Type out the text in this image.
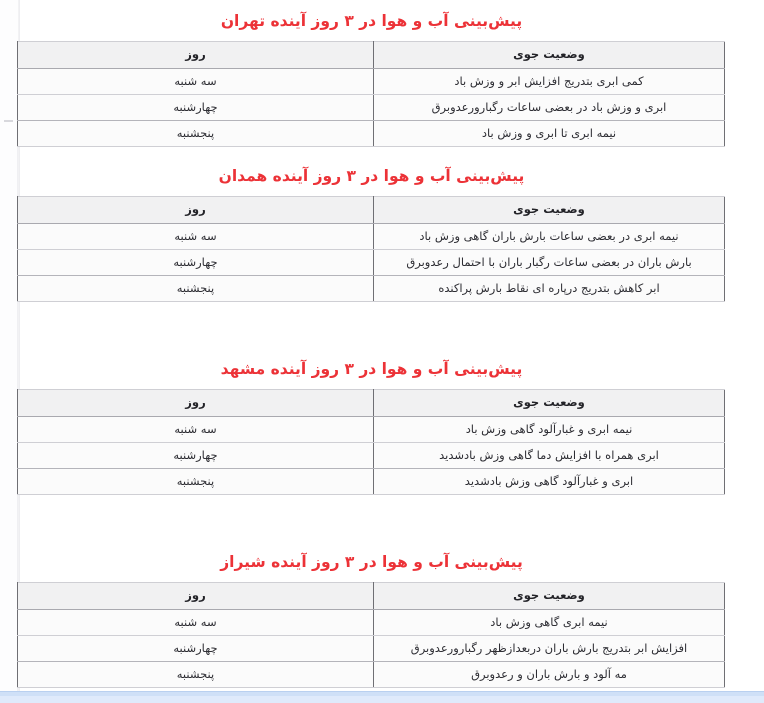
پیش‌بینی آب و هوا در ۳ روز آینده تهران
وضعیت جوی	روز
کمی ابری بتدریج افزایش ابر و وزش باد	سه شنبه
ابری و وزش باد در بعضی ساعات رگبارورعدوبرق	چهارشنبه
نیمه ابری تا ابری و وزش باد	پنجشنبه
پیش‌بینی آب و هوا در ۳ روز آینده همدان
وضعیت جوی	روز
نیمه ابری در بعضی ساعات بارش باران گاهی وزش باد	سه شنبه
بارش باران در بعضی ساعات رگبار باران با احتمال رعدوبرق	چهارشنبه
ابر کاهش بتدریج درپاره ای نقاط بارش پراکنده	پنجشنبه
پیش‌بینی آب و هوا در ۳ روز آینده مشهد
وضعیت جوی	روز
نیمه ابری و غبارآلود گاهی وزش باد	سه شنبه
ابری همراه با افزایش دما گاهی وزش بادشدید	چهارشنبه
ابری و غبارآلود گاهی وزش بادشدید	پنجشنبه
پیش‌بینی آب و هوا در ۳ روز آینده شیراز
وضعیت جوی	روز
نیمه ابری گاهی وزش باد	سه شنبه
افزایش ابر بتدریج بارش باران دربعدازظهر رگبارورعدوبرق	چهارشنبه
مه آلود و بارش باران و رعدوبرق	پنجشنبه
